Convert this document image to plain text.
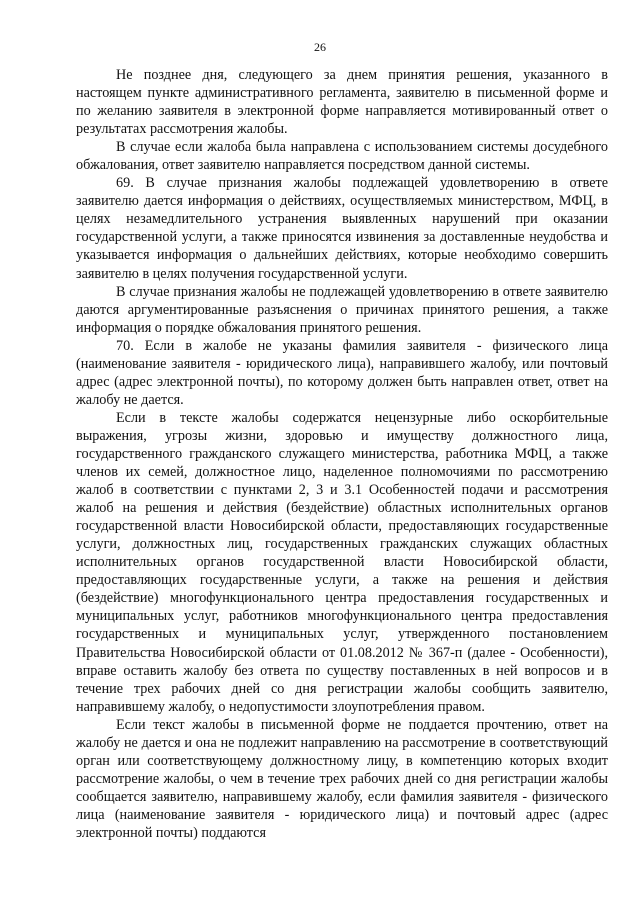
26

Не позднее дня, следующего за днем принятия решения, указанного в настоящем пункте административного регламента, заявителю в письменной форме и по желанию заявителя в электронной форме направляется мотивированный ответ о результатах рассмотрения жалобы.

В случае если жалоба была направлена с использованием системы досудебного обжалования, ответ заявителю направляется посредством данной системы.

69. В случае признания жалобы подлежащей удовлетворению в ответе заявителю дается информация о действиях, осуществляемых министерством, МФЦ, в целях незамедлительного устранения выявленных нарушений при оказании государственной услуги, а также приносятся извинения за доставленные неудобства и указывается информация о дальнейших действиях, которые необходимо совершить заявителю в целях получения государственной услуги.

В случае признания жалобы не подлежащей удовлетворению в ответе заявителю даются аргументированные разъяснения о причинах принятого решения, а также информация о порядке обжалования принятого решения.

70. Если в жалобе не указаны фамилия заявителя - физического лица (наименование заявителя - юридического лица), направившего жалобу, или почтовый адрес (адрес электронной почты), по которому должен быть направлен ответ, ответ на жалобу не дается.

Если в тексте жалобы содержатся нецензурные либо оскорбительные выражения, угрозы жизни, здоровью и имуществу должностного лица, государственного гражданского служащего министерства, работника МФЦ, а также членов их семей, должностное лицо, наделенное полномочиями по рассмотрению жалоб в соответствии с пунктами 2, 3 и 3.1 Особенностей подачи и рассмотрения жалоб на решения и действия (бездействие) областных исполнительных органов государственной власти Новосибирской области, предоставляющих государственные услуги, должностных лиц, государственных гражданских служащих областных исполнительных органов государственной власти Новосибирской области, предоставляющих государственные услуги, а также на решения и действия (бездействие) многофункционального центра предоставления государственных и муниципальных услуг, работников многофункционального центра предоставления государственных и муниципальных услуг, утвержденного постановлением Правительства Новосибирской области от 01.08.2012 № 367-п (далее - Особенности), вправе оставить жалобу без ответа по существу поставленных в ней вопросов и в течение трех рабочих дней со дня регистрации жалобы сообщить заявителю, направившему жалобу, о недопустимости злоупотребления правом.

Если текст жалобы в письменной форме не поддается прочтению, ответ на жалобу не дается и она не подлежит направлению на рассмотрение в соответствующий орган или соответствующему должностному лицу, в компетенцию которых входит рассмотрение жалобы, о чем в течение трех рабочих дней со дня регистрации жалобы сообщается заявителю, направившему жалобу, если фамилия заявителя - физического лица (наименование заявителя - юридического лица) и почтовый адрес (адрес электронной почты) поддаются
